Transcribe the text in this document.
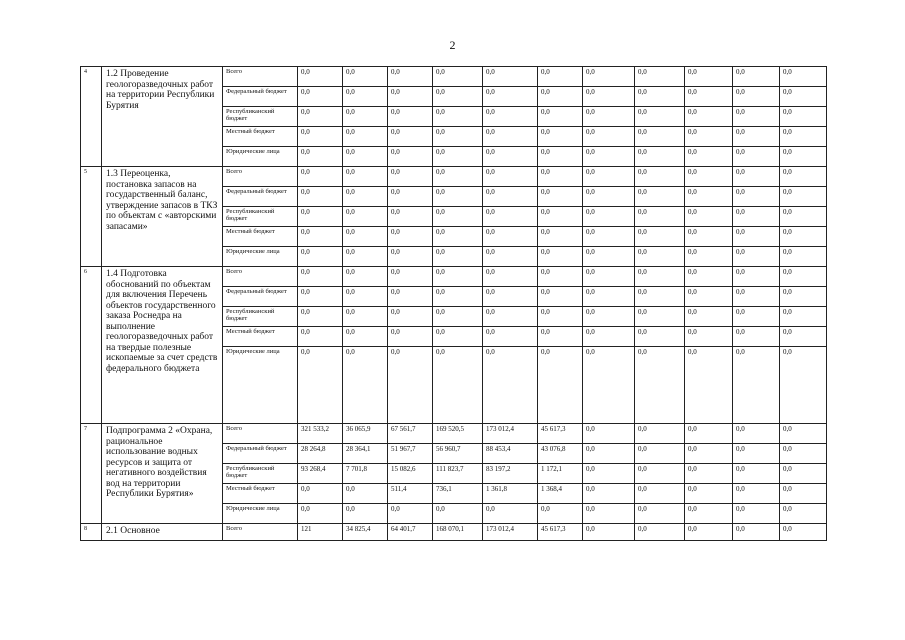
2
4	1.2 Проведение геологоразведочных работ на территории Республики Бурятия	Всего	0,0	0,0	0,0	0,0	0,0	0,0	0,0	0,0	0,0	0,0	0,0
		Федеральный бюджет	0,0	0,0	0,0	0,0	0,0	0,0	0,0	0,0	0,0	0,0	0,0
		Республиканский бюджет	0,0	0,0	0,0	0,0	0,0	0,0	0,0	0,0	0,0	0,0	0,0
		Местный бюджет	0,0	0,0	0,0	0,0	0,0	0,0	0,0	0,0	0,0	0,0	0,0
		Юридические лица	0,0	0,0	0,0	0,0	0,0	0,0	0,0	0,0	0,0	0,0	0,0
5	1.3 Переоценка, постановка запасов на государственный баланс, утверждение запасов в ТКЗ по объектам с «авторскими запасами»	Всего	0,0	0,0	0,0	0,0	0,0	0,0	0,0	0,0	0,0	0,0	0,0
		Федеральный бюджет	0,0	0,0	0,0	0,0	0,0	0,0	0,0	0,0	0,0	0,0	0,0
		Республиканский бюджет	0,0	0,0	0,0	0,0	0,0	0,0	0,0	0,0	0,0	0,0	0,0
		Местный бюджет	0,0	0,0	0,0	0,0	0,0	0,0	0,0	0,0	0,0	0,0	0,0
		Юридические лица	0,0	0,0	0,0	0,0	0,0	0,0	0,0	0,0	0,0	0,0	0,0
6	1.4 Подготовка обоснований по объектам для включения Перечень объектов государственного заказа Роснедра на выполнение геологоразведочных работ на твердые полезные ископаемые за счет средств федерального бюджета	Всего	0,0	0,0	0,0	0,0	0,0	0,0	0,0	0,0	0,0	0,0	0,0
		Федеральный бюджет	0,0	0,0	0,0	0,0	0,0	0,0	0,0	0,0	0,0	0,0	0,0
		Республиканский бюджет	0,0	0,0	0,0	0,0	0,0	0,0	0,0	0,0	0,0	0,0	0,0
		Местный бюджет	0,0	0,0	0,0	0,0	0,0	0,0	0,0	0,0	0,0	0,0	0,0
		Юридические лица	0,0	0,0	0,0	0,0	0,0	0,0	0,0	0,0	0,0	0,0	0,0
7	Подпрограмма 2 «Охрана, рациональное использование водных ресурсов и защита от негативного воздействия вод на территории Республики Бурятия»	Всего	321 533,2	36 065,9	67 561,7	169 520,5	173 012,4	45 617,3	0,0	0,0	0,0	0,0	0,0
		Федеральный бюджет	28 264,8	28 364,1	51 967,7	56 960,7	88 453,4	43 076,8	0,0	0,0	0,0	0,0	0,0
		Республиканский бюджет	93 268,4	7 701,8	15 082,6	111 823,7	83 197,2	1 172,1	0,0	0,0	0,0	0,0	0,0
		Местный бюджет	0,0	0,0	511,4	736,1	1 361,8	1 368,4	0,0	0,0	0,0	0,0	0,0
		Юридические лица	0,0	0,0	0,0	0,0	0,0	0,0	0,0	0,0	0,0	0,0	0,0
8	2.1 Основное	Всего	121	34 825,4	64 401,7	168 070,1	173 012,4	45 617,3	0,0	0,0	0,0	0,0	0,0
